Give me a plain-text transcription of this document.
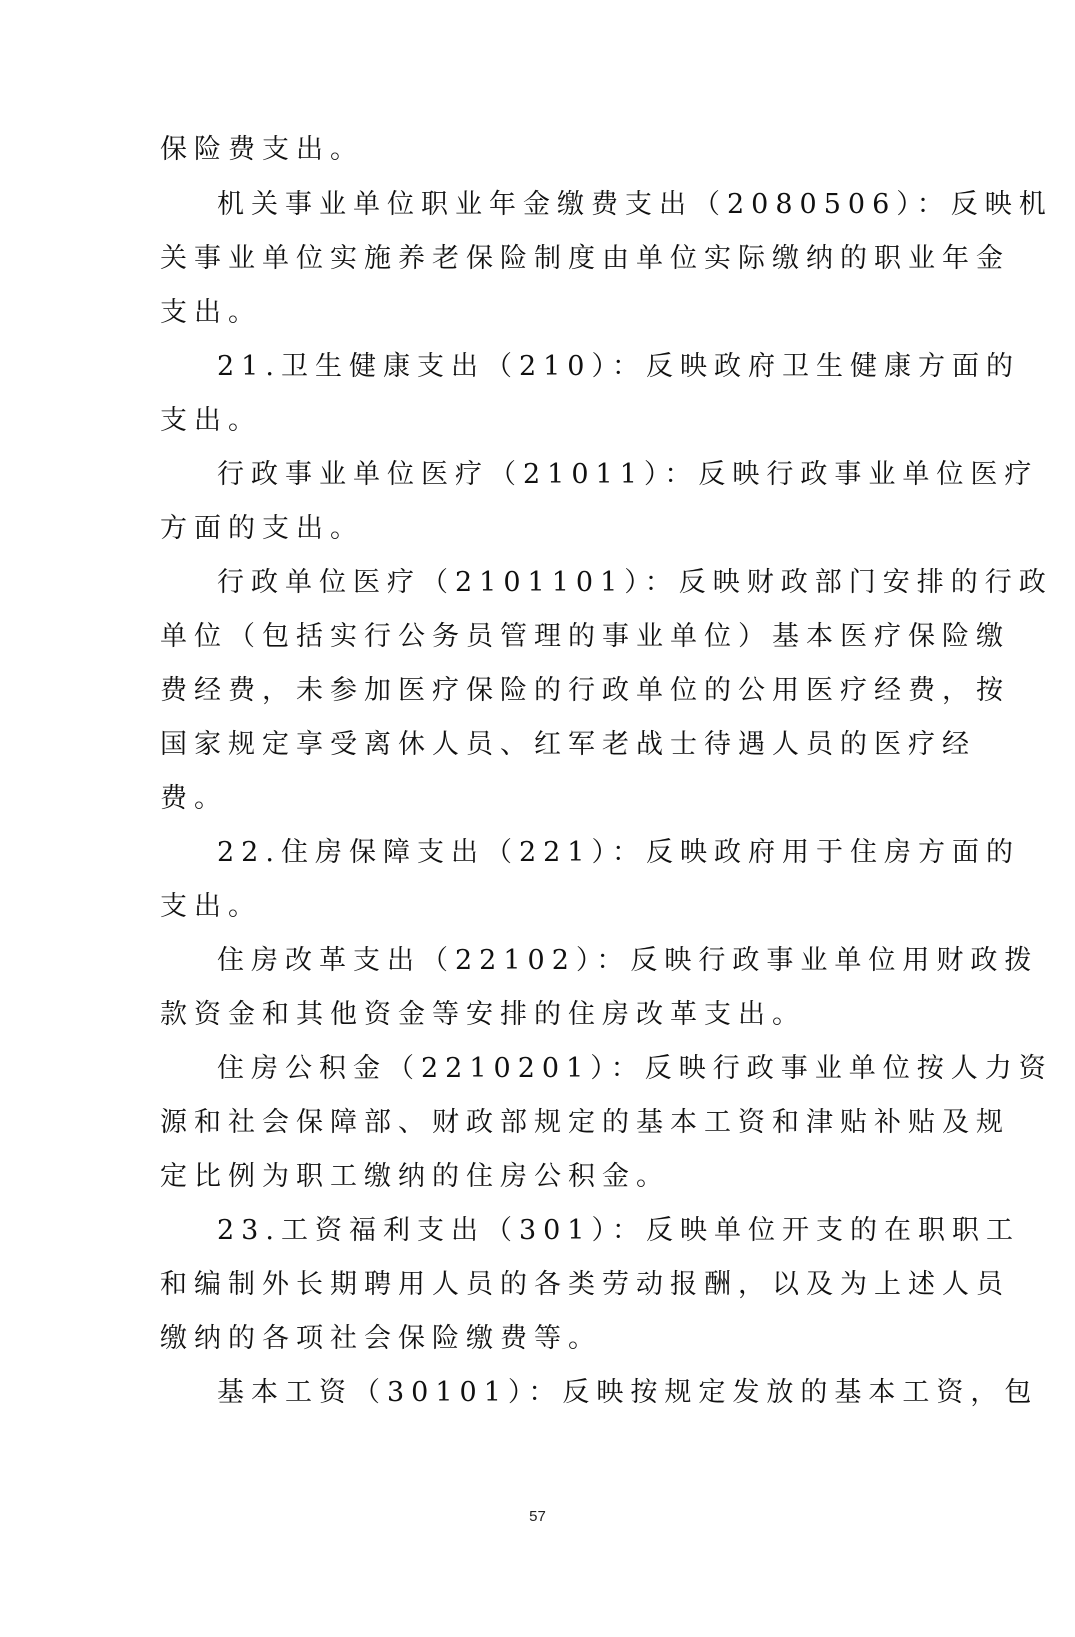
保险费支出。
机关事业单位职业年金缴费支出（2080506）：反映机
关事业单位实施养老保险制度由单位实际缴纳的职业年金
支出。
21.卫生健康支出（210）：反映政府卫生健康方面的
支出。
行政事业单位医疗（21011）：反映行政事业单位医疗
方面的支出。
行政单位医疗（2101101）：反映财政部门安排的行政
单位（包括实行公务员管理的事业单位）基本医疗保险缴
费经费，未参加医疗保险的行政单位的公用医疗经费，按
国家规定享受离休人员、红军老战士待遇人员的医疗经
费。
22.住房保障支出（221）：反映政府用于住房方面的
支出。
住房改革支出（22102）：反映行政事业单位用财政拨
款资金和其他资金等安排的住房改革支出。
住房公积金（2210201）：反映行政事业单位按人力资
源和社会保障部、财政部规定的基本工资和津贴补贴及规
定比例为职工缴纳的住房公积金。
23.工资福利支出（301）：反映单位开支的在职职工
和编制外长期聘用人员的各类劳动报酬，以及为上述人员
缴纳的各项社会保险缴费等。
基本工资（30101）：反映按规定发放的基本工资，包
57
